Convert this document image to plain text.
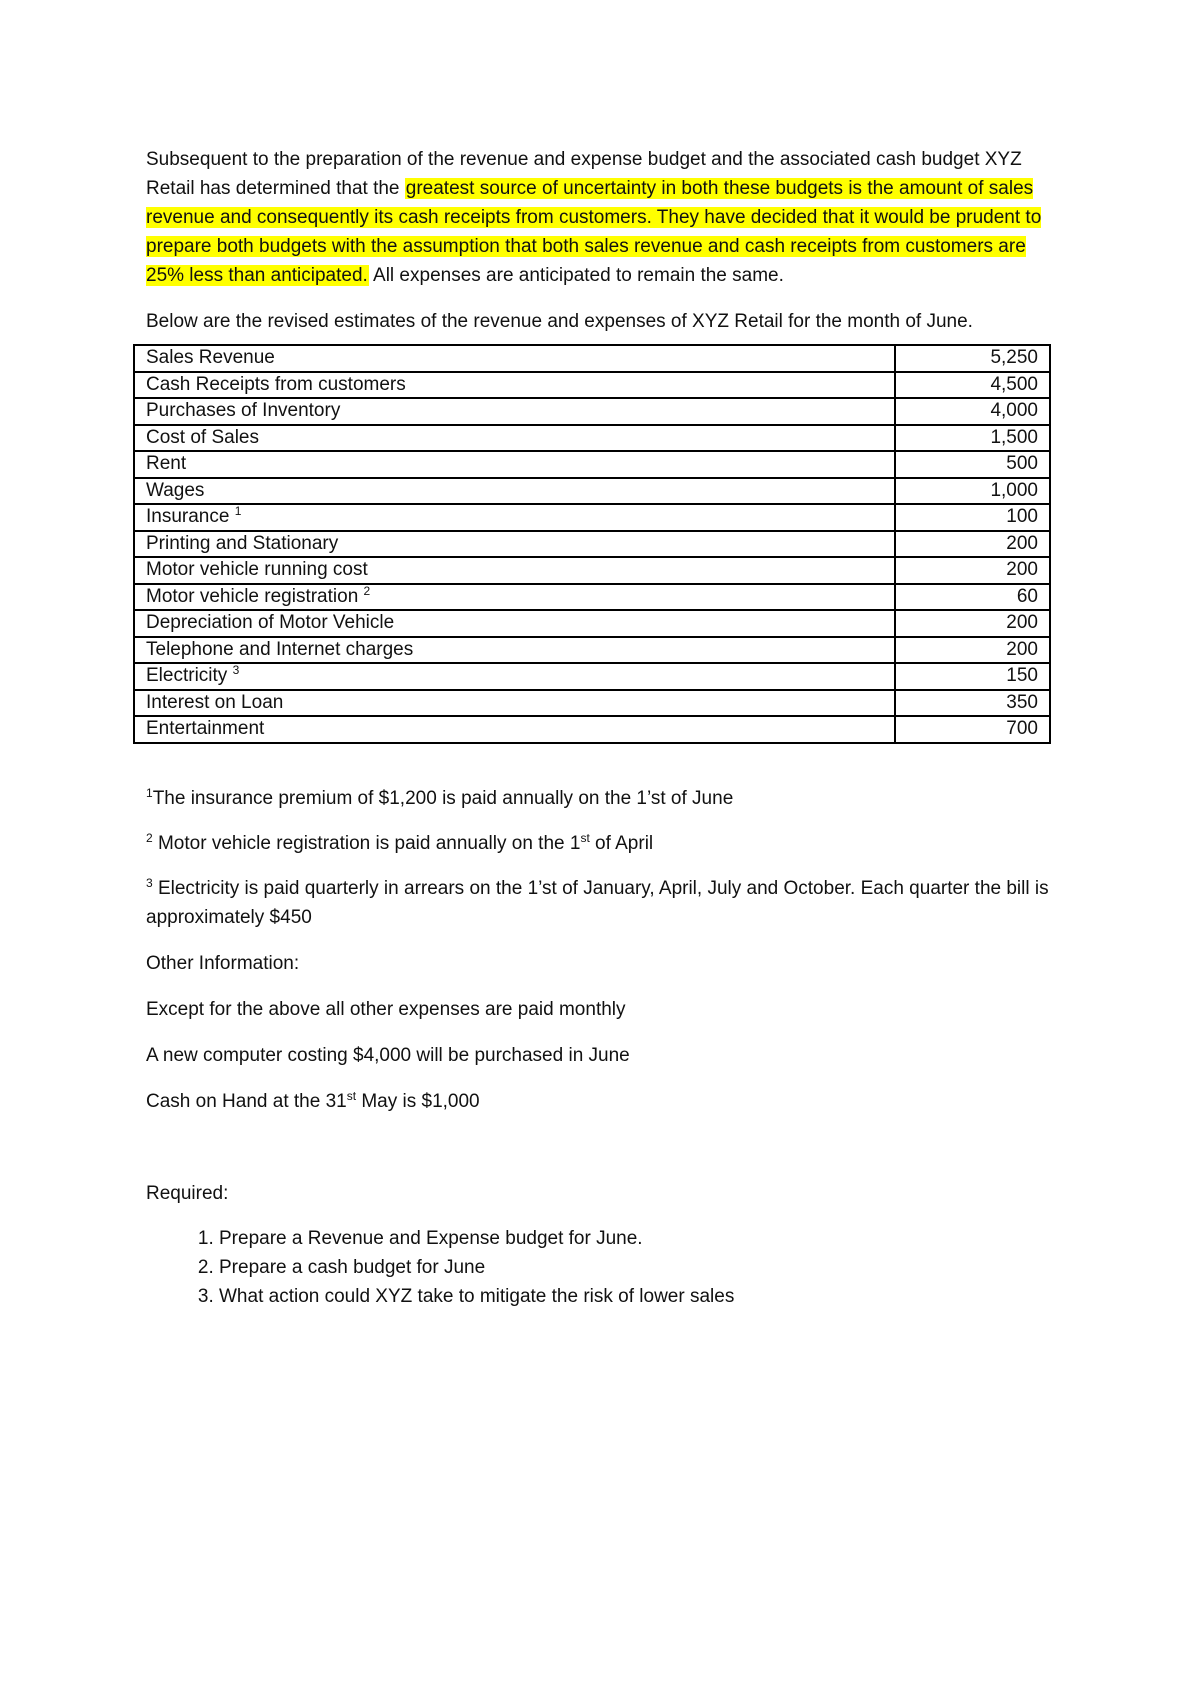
Subsequent to the preparation of the revenue and expense budget and the associated cash budget XYZ Retail has determined that the greatest source of uncertainty in both these budgets is the amount of sales revenue and consequently its cash receipts from customers. They have decided that it would be prudent to prepare both budgets with the assumption that both sales revenue and cash receipts from customers are 25% less than anticipated. All expenses are anticipated to remain the same.

Below are the revised estimates of the revenue and expenses of XYZ Retail for the month of June.

Sales Revenue	5,250
Cash Receipts from customers	4,500
Purchases of Inventory	4,000
Cost of Sales	1,500
Rent	500
Wages	1,000
Insurance $^1$	100
Printing and Stationary	200
Motor vehicle running cost	200
Motor vehicle registration $^2$	60
Depreciation of Motor Vehicle	200
Telephone and Internet charges	200
Electricity $^3$	150
Interest on Loan	350
Entertainment	700

$^1$The insurance premium of $1,200 is paid annually on the 1’st of June

$^2$ Motor vehicle registration is paid annually on the 1st of April

$^3$ Electricity is paid quarterly in arrears on the 1’st of January, April, July and October. Each quarter the bill is approximately $450

Other Information:

Except for the above all other expenses are paid monthly

A new computer costing $4,000 will be purchased in June

Cash on Hand at the 31st May is $1,000

Required:

1. Prepare a Revenue and Expense budget for June.
2. Prepare a cash budget for June
3. What action could XYZ take to mitigate the risk of lower sales
